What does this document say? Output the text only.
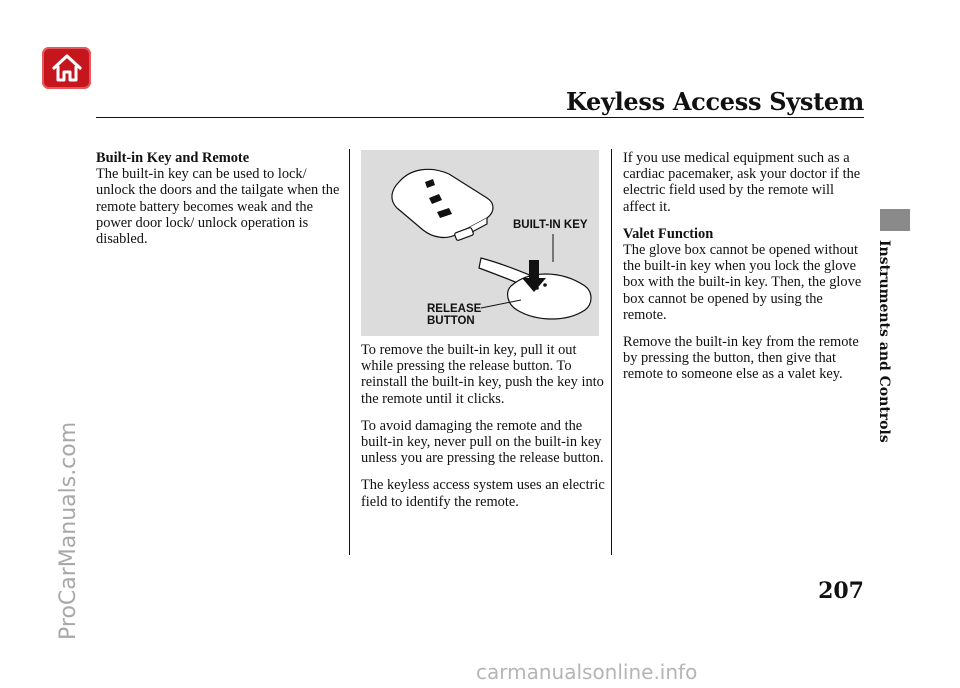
Keyless Access System
Instruments and Controls
ProCarManuals.com

Built-in Key and Remote
The built-in key can be used to lock/ unlock the doors and the tailgate when the remote battery becomes weak and the power door lock/ unlock operation is disabled.

BUILT-IN KEY
RELEASE
BUTTON

To remove the built-in key, pull it out while pressing the release button. To reinstall the built-in key, push the key into the remote until it clicks.

To avoid damaging the remote and the built-in key, never pull on the built-in key unless you are pressing the release button.

The keyless access system uses an electric field to identify the remote.

If you use medical equipment such as a cardiac pacemaker, ask your doctor if the electric field used by the remote will affect it.

Valet Function
The glove box cannot be opened without the built-in key when you lock the glove box with the built-in key. Then, the glove box cannot be opened by using the remote.

Remove the built-in key from the remote by pressing the button, then give that remote to someone else as a valet key.

207
carmanualsonline.info
